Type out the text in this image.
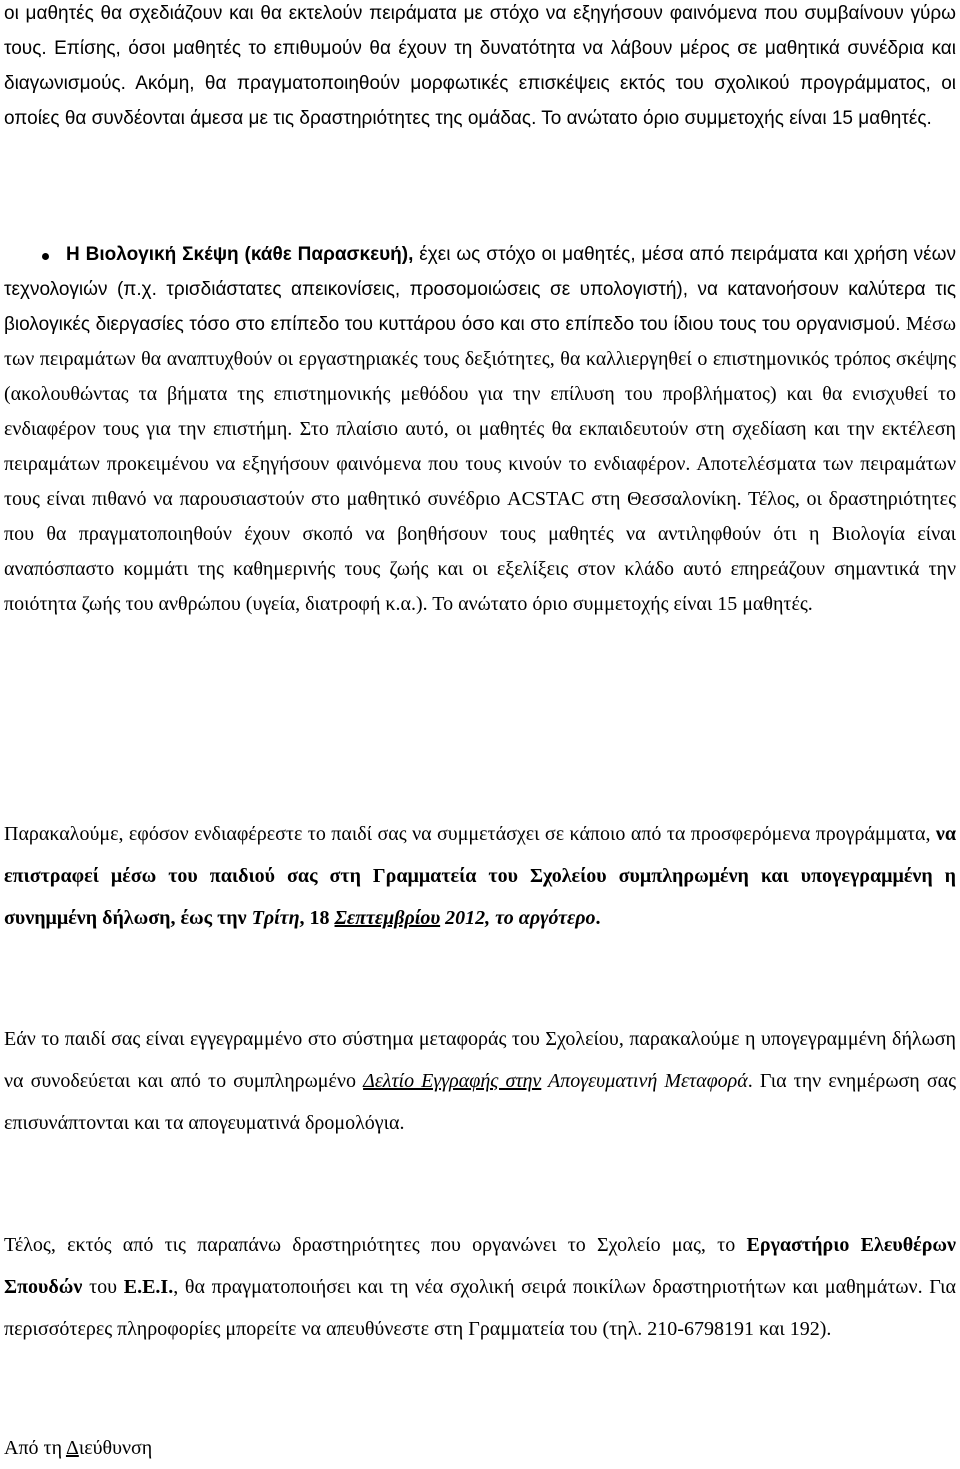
οι μαθητές θα σχεδιάζουν και θα εκτελούν πειράματα με στόχο να εξηγήσουν φαινόμενα που συμβαίνουν γύρω τους. Επίσης, όσοι μαθητές το επιθυμούν θα έχουν τη δυνατότητα να λάβουν μέρος σε μαθητικά συνέδρια και διαγωνισμούς. Ακόμη, θα πραγματοποιηθούν μορφωτικές επισκέψεις εκτός του σχολικού προγράμματος, οι οποίες θα συνδέονται άμεσα με τις δραστηριότητες της ομάδας. Το ανώτατο όριο συμμετοχής είναι 15 μαθητές.

Η Βιολογική Σκέψη (κάθε Παρασκευή), έχει ως στόχο οι μαθητές, μέσα από πειράματα και χρήση νέων τεχνολογιών (π.χ. τρισδιάστατες απεικονίσεις, προσομοιώσεις σε υπολογιστή), να κατανοήσουν καλύτερα τις βιολογικές διεργασίες τόσο στο επίπεδο του κυττάρου όσο και στο επίπεδο του ίδιου τους του οργανισμού. Μέσω των πειραμάτων θα αναπτυχθούν οι εργαστηριακές τους δεξιότητες, θα καλλιεργηθεί ο επιστημονικός τρόπος σκέψης (ακολουθώντας τα βήματα της επιστημονικής μεθόδου για την επίλυση του προβλήματος) και θα ενισχυθεί το ενδιαφέρον τους για την επιστήμη. Στο πλαίσιο αυτό, οι μαθητές θα εκπαιδευτούν στη σχεδίαση και την εκτέλεση πειραμάτων προκειμένου να εξηγήσουν φαινόμενα που τους κινούν το ενδιαφέρον. Αποτελέσματα των πειραμάτων τους είναι πιθανό να παρουσιαστούν στο μαθητικό συνέδριο ACSTAC στη Θεσσαλονίκη. Τέλος, οι δραστηριότητες που θα πραγματοποιηθούν έχουν σκοπό να βοηθήσουν τους μαθητές να αντιληφθούν ότι η Βιολογία είναι αναπόσπαστο κομμάτι της καθημερινής τους ζωής και οι εξελίξεις στον κλάδο αυτό επηρεάζουν σημαντικά την ποιότητα ζωής του ανθρώπου (υγεία, διατροφή κ.α.). Το ανώτατο όριο συμμετοχής είναι 15 μαθητές.

Παρακαλούμε, εφόσον ενδιαφέρεστε το παιδί σας να συμμετάσχει σε κάποιο από τα προσφερόμενα προγράμματα, να επιστραφεί μέσω του παιδιού σας στη Γραμματεία του Σχολείου συμπληρωμένη και υπογεγραμμένη η συνημμένη δήλωση, έως την Τρίτη, 18 Σεπτεμβρίου 2012, το αργότερο.

Εάν το παιδί σας είναι εγγεγραμμένο στο σύστημα μεταφοράς του Σχολείου, παρακαλούμε η υπογεγραμμένη δήλωση να συνοδεύεται και από το συμπληρωμένο Δελτίο Εγγραφής στην Απογευματινή Μεταφορά. Για την ενημέρωση σας επισυνάπτονται και τα απογευματινά δρομολόγια.

Τέλος, εκτός από τις παραπάνω δραστηριότητες που οργανώνει το Σχολείο μας, το Εργαστήριο Ελευθέρων Σπουδών του Ε.Ε.Ι., θα πραγματοποιήσει και τη νέα σχολική σειρά ποικίλων δραστηριοτήτων και μαθημάτων. Για περισσότερες πληροφορίες μπορείτε να απευθύνεστε στη Γραμματεία του (τηλ. 210-6798191 και 192).

Από τη Διεύθυνση
